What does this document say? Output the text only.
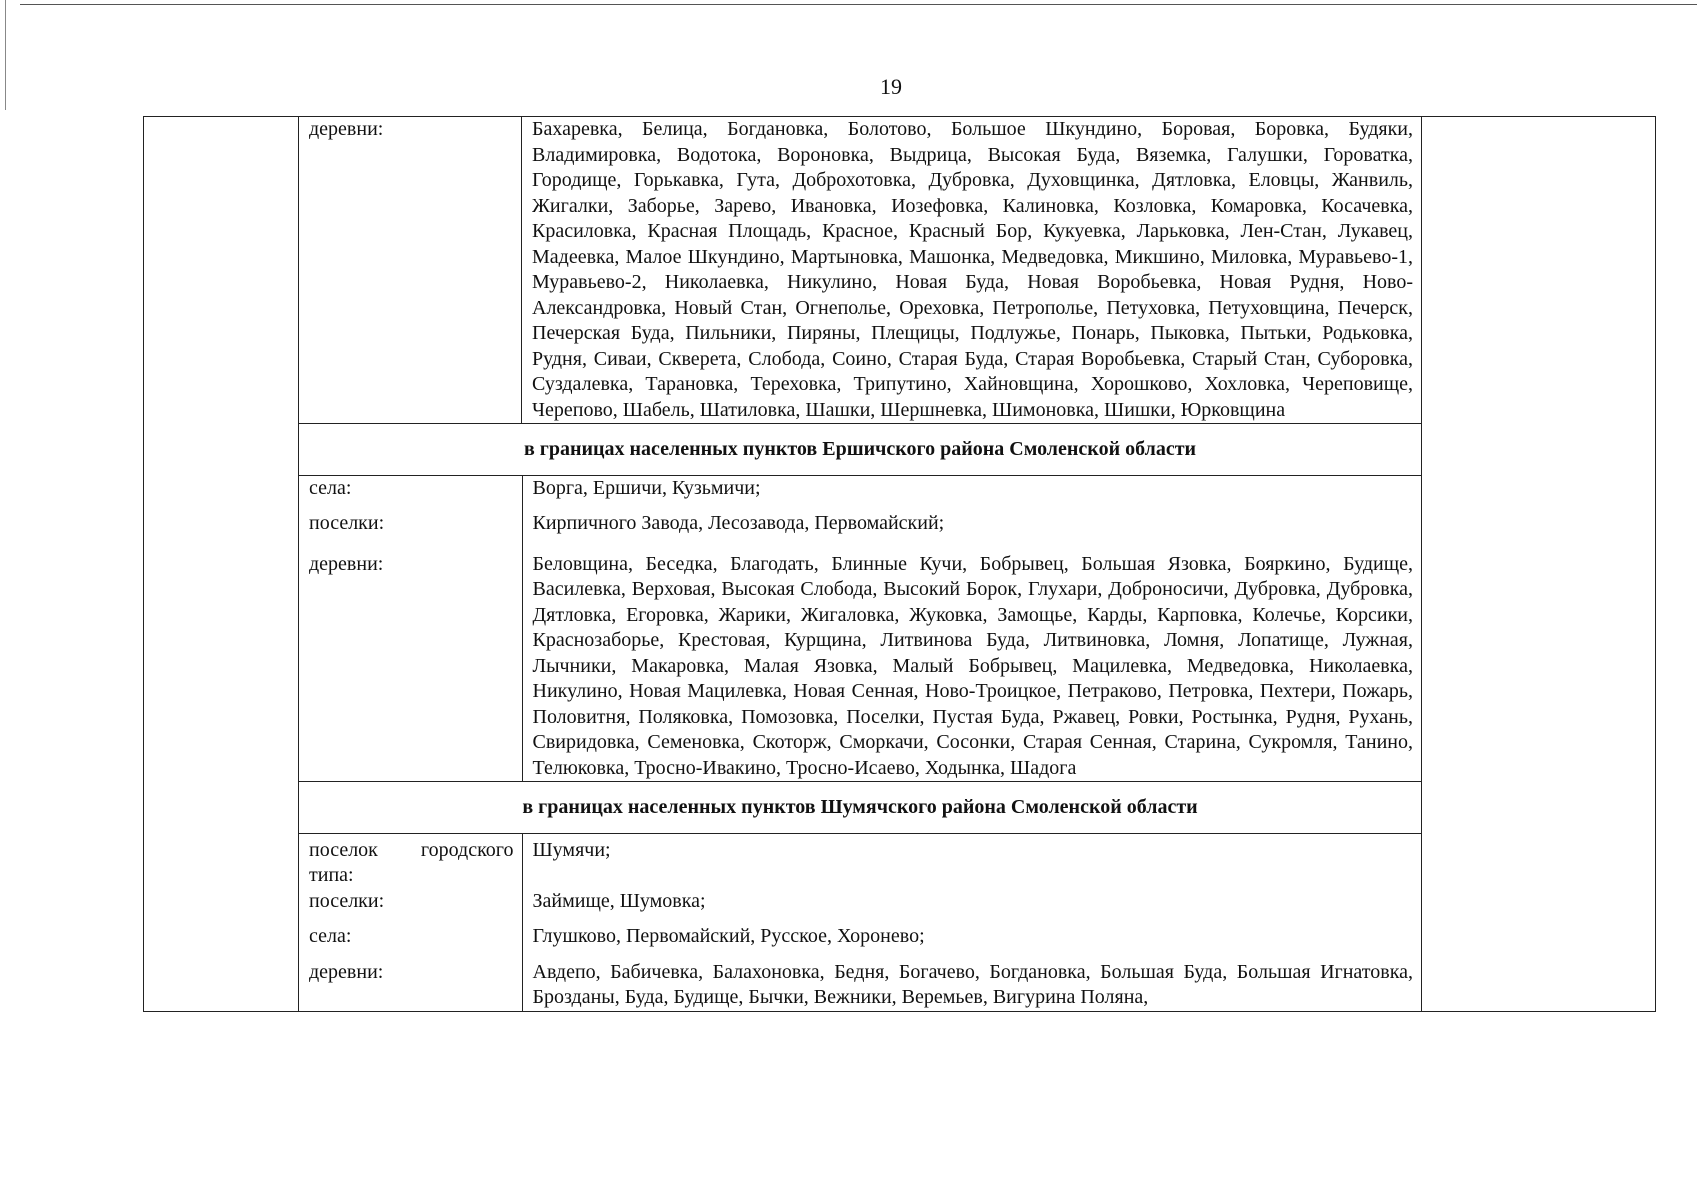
19
	деревни:	Бахаревка, Белица, Богдановка, Болотово, Большое Шкундино, Боровая, Боровка, Будяки, Владимировка, Водотока, Вороновка, Выдрица, Высокая Буда, Вяземка, Галушки, Гороватка, Городище, Горькавка, Гута, Доброхотовка, Дубровка, Духовщинка, Дятловка, Еловцы, Жанвиль, Жигалки, Заборье, Зарево, Ивановка, Иозефовка, Калиновка, Козловка, Комаровка, Косачевка, Красиловка, Красная Площадь, Красное, Красный Бор, Кукуевка, Ларьковка, Лен-Стан, Лукавец, Мадеевка, Малое Шкундино, Мартыновка, Машонка, Медведовка, Микшино, Миловка, Муравьево-1, Муравьево-2, Николаевка, Никулино, Новая Буда, Новая Воробьевка, Новая Рудня, Ново-Александровка, Новый Стан, Огнеполье, Ореховка, Петрополье, Петуховка, Петуховщина, Печерск, Печерская Буда, Пильники, Пиряны, Плещицы, Подлужье, Понарь, Пыковка, Пытьки, Родьковка, Рудня, Сиваи, Скверета, Слобода, Соино, Старая Буда, Старая Воробьевка, Старый Стан, Суборовка, Суздалевка, Тарановка, Тереховка, Трипутино, Хайновщина, Хорошково, Хохловка, Череповище, Черепово, Шабель, Шатиловка, Шашки, Шершневка, Шимоновка, Шишки, Юрковщина	
в границах населенных пунктов Ершичского района Смоленской области

села:	Ворга, Ершичи, Кузьмичи;
поселки:	Кирпичного Завода, Лесозавода, Первомайский;
деревни:	Беловщина, Беседка, Благодать, Блинные Кучи, Бобрывец, Большая Язовка, Бояркино, Будище, Василевка, Верховая, Высокая Слобода, Высокий Борок, Глухари, Доброносичи, Дубровка, Дубровка, Дятловка, Егоровка, Жарики, Жигаловка, Жуковка, Замощье, Карды, Карповка, Колечье, Корсики, Краснозаборье, Крестовая, Курщина, Литвинова Буда, Литвиновка, Ломня, Лопатище, Лужная, Лычники, Макаровка, Малая Язовка, Малый Бобрывец, Мацилевка, Медведовка, Николаевка, Никулино, Новая Мацилевка, Новая Сенная, Ново-Троицкое, Петраково, Петровка, Пехтери, Пожарь, Половитня, Поляковка, Помозовка, Поселки, Пустая Буда, Ржавец, Ровки, Ростынка, Рудня, Рухань, Свиридовка, Семеновка, Скоторж, Сморкачи, Сосонки, Старая Сенная, Старина, Сукромля, Танино, Телюковка, Тросно-Ивакино, Тросно-Исаево, Ходынка, Шадога

в границах населенных пунктов Шумячского района Смоленской области

поселок городского типа:	Шумячи;
поселки:	Займище, Шумовка;
села:	Глушково, Первомайский, Русское, Хоронево;
деревни:	Авдепо, Бабичевка, Балахоновка, Бедня, Богачево, Богдановка, Большая Буда, Большая Игнатовка, Брозданы, Буда, Будище, Бычки, Вежники, Веремьев, Вигурина Поляна,
